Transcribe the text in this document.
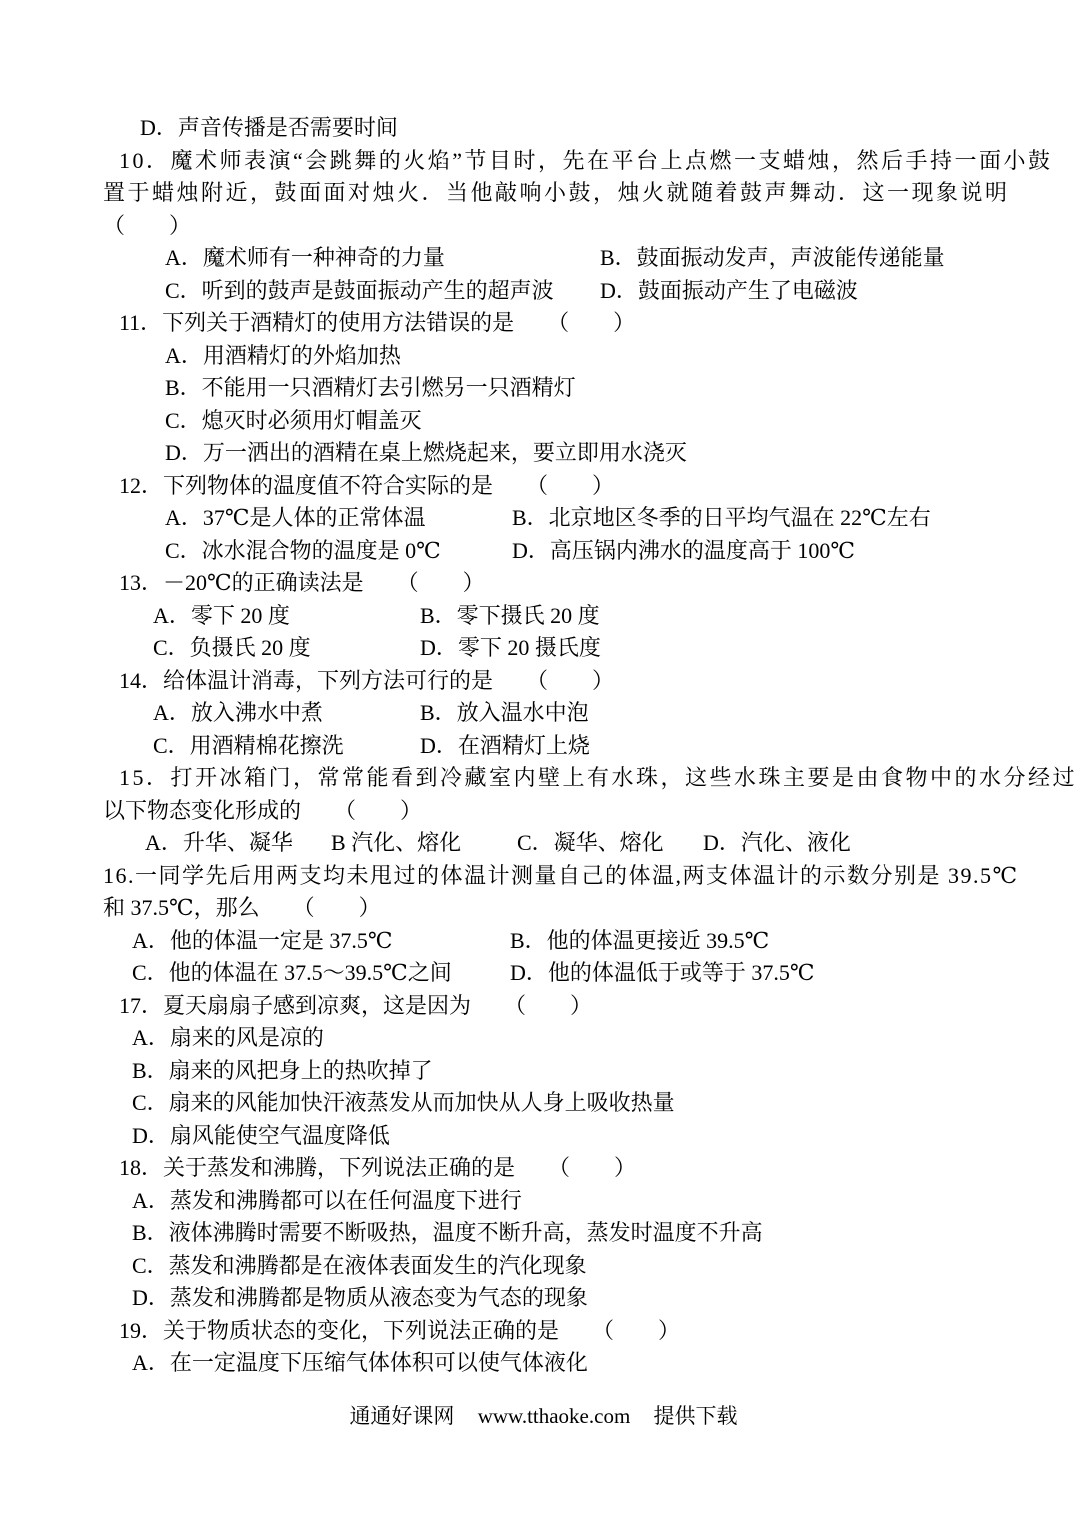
D．声音传播是否需要时间
10．魔术师表演“会跳舞的火焰”节目时，先在平台上点燃一支蜡烛，然后手持一面小鼓
置于蜡烛附近，鼓面面对烛火．当他敲响小鼓，烛火就随着鼓声舞动．这一现象说明
（　　）
A．魔术师有一种神奇的力量	B．鼓面振动发声，声波能传递能量
C．听到的鼓声是鼓面振动产生的超声波	D．鼓面振动产生了电磁波
11．下列关于酒精灯的使用方法错误的是　　（　　）
A．用酒精灯的外焰加热
B．不能用一只酒精灯去引燃另一只酒精灯
C．熄灭时必须用灯帽盖灭
D．万一洒出的酒精在桌上燃烧起来，要立即用水浇灭
12．下列物体的温度值不符合实际的是　　（　　）
A．37℃是人体的正常体温	B．北京地区冬季的日平均气温在 22℃左右
C．冰水混合物的温度是 0℃	D．高压锅内沸水的温度高于 100℃
13．－20℃的正确读法是　　（　　）
A．零下 20 度	B．零下摄氏 20 度
C．负摄氏 20 度	D．零下 20 摄氏度
14．给体温计消毒，下列方法可行的是　　（　　）
A．放入沸水中煮	B．放入温水中泡
C．用酒精棉花擦洗	D．在酒精灯上烧
15．打开冰箱门，常常能看到冷藏室内壁上有水珠，这些水珠主要是由食物中的水分经过
以下物态变化形成的　　（　　）
A．升华、凝华	B 汽化、熔化	C．凝华、熔化	D．汽化、液化
16.一同学先后用两支均未甩过的体温计测量自己的体温,两支体温计的示数分别是 39.5℃
和 37.5℃，那么　　（　　）
A．他的体温一定是 37.5℃	B．他的体温更接近 39.5℃
C．他的体温在 37.5～39.5℃之间	D．他的体温低于或等于 37.5℃
17．夏天扇扇子感到凉爽，这是因为　　（　　）
A．扇来的风是凉的
B．扇来的风把身上的热吹掉了
C．扇来的风能加快汗液蒸发从而加快从人身上吸收热量
D．扇风能使空气温度降低
18．关于蒸发和沸腾，下列说法正确的是　　（　　）
A．蒸发和沸腾都可以在任何温度下进行
B．液体沸腾时需要不断吸热，温度不断升高，蒸发时温度不升高
C．蒸发和沸腾都是在液体表面发生的汽化现象
D．蒸发和沸腾都是物质从液态变为气态的现象
19．关于物质状态的变化，下列说法正确的是　　（　　）
A．在一定温度下压缩气体体积可以使气体液化
通通好课网 www.tthaoke.com 提供下载
